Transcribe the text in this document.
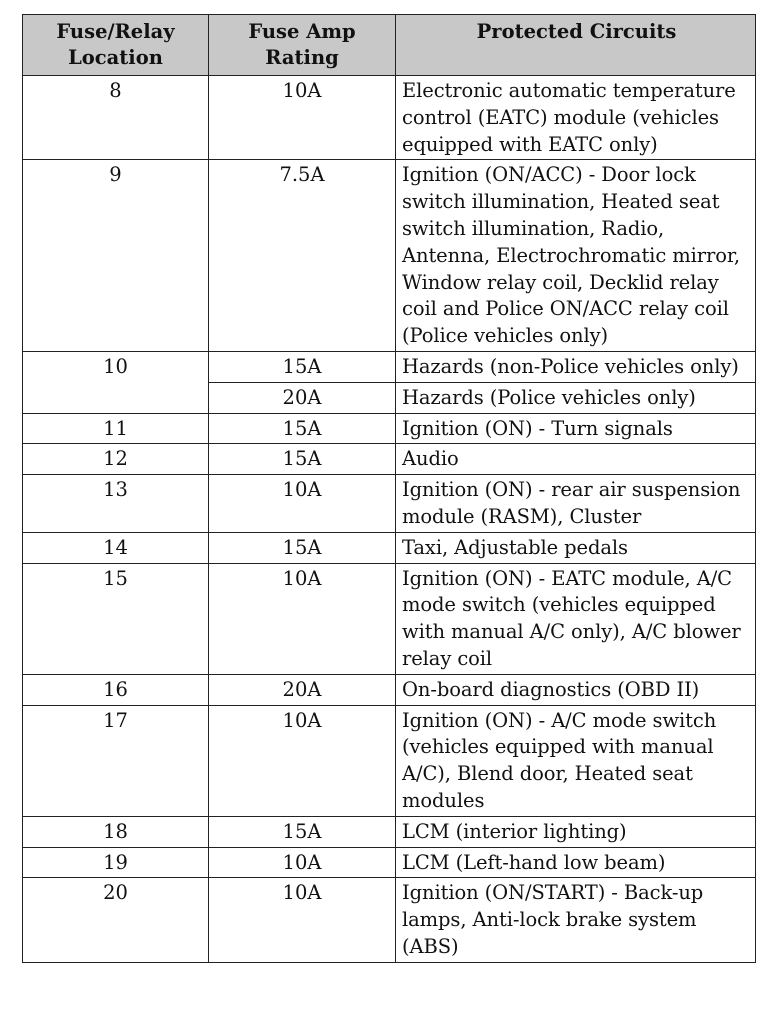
Fuse/Relay Location	Fuse Amp Rating	Protected Circuits
8	10A	Electronic automatic temperature control (EATC) module (vehicles equipped with EATC only)
9	7.5A	Ignition (ON/ACC) - Door lock switch illumination, Heated seat switch illumination, Radio, Antenna, Electrochromatic mirror, Window relay coil, Decklid relay coil and Police ON/ACC relay coil (Police vehicles only)
10	15A	Hazards (non-Police vehicles only)
	20A	Hazards (Police vehicles only)
11	15A	Ignition (ON) - Turn signals
12	15A	Audio
13	10A	Ignition (ON) - rear air suspension module (RASM), Cluster
14	15A	Taxi, Adjustable pedals
15	10A	Ignition (ON) - EATC module, A/C mode switch (vehicles equipped with manual A/C only), A/C blower relay coil
16	20A	On-board diagnostics (OBD II)
17	10A	Ignition (ON) - A/C mode switch (vehicles equipped with manual A/C), Blend door, Heated seat modules
18	15A	LCM (interior lighting)
19	10A	LCM (Left-hand low beam)
20	10A	Ignition (ON/START) - Back-up lamps, Anti-lock brake system (ABS)
